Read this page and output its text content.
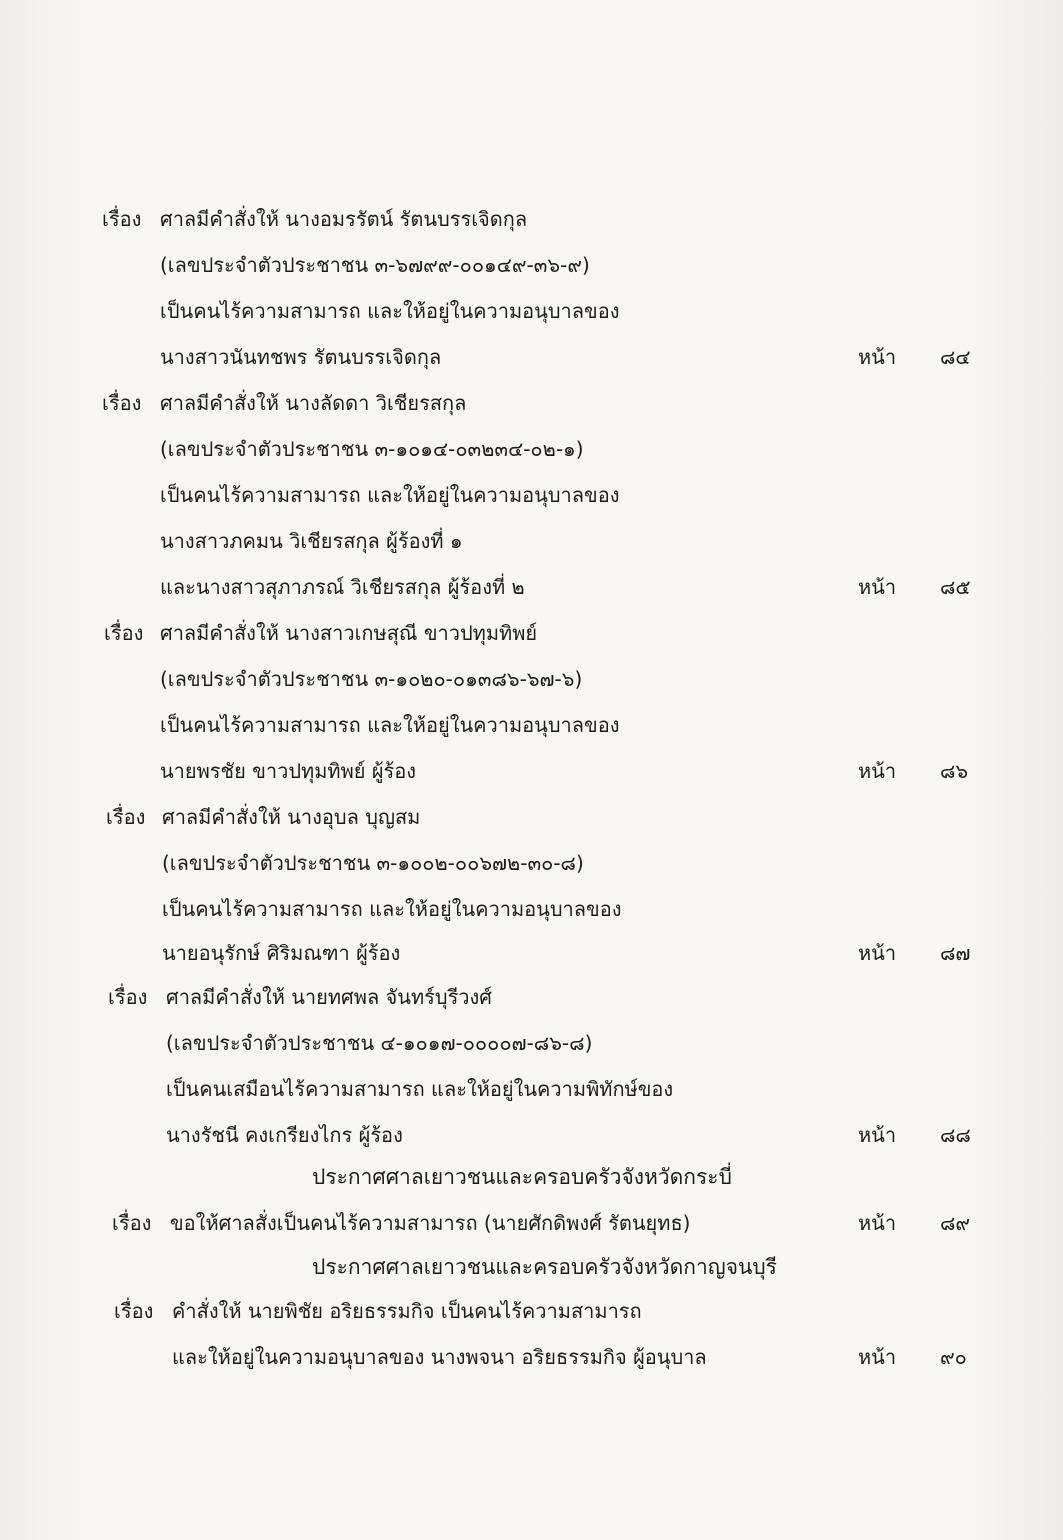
เรื่อง ศาลมีคำสั่งให้ นางอมรรัตน์ รัตนบรรเจิดกุล
(เลขประจำตัวประชาชน ๓-๖๗๙๙-๐๐๑๔๙-๓๖-๙)
เป็นคนไร้ความสามารถ และให้อยู่ในความอนุบาลของ
นางสาวนันทชพร รัตนบรรเจิดกุล	หน้า ๘๔
เรื่อง ศาลมีคำสั่งให้ นางลัดดา วิเชียรสกุล
(เลขประจำตัวประชาชน ๓-๑๐๑๔-๐๓๒๓๔-๐๒-๑)
เป็นคนไร้ความสามารถ และให้อยู่ในความอนุบาลของ
นางสาวภคมน วิเชียรสกุล ผู้ร้องที่ ๑
และนางสาวสุภาภรณ์ วิเชียรสกุล ผู้ร้องที่ ๒	หน้า ๘๕
เรื่อง ศาลมีคำสั่งให้ นางสาวเกษสุณี ขาวปทุมทิพย์
(เลขประจำตัวประชาชน ๓-๑๐๒๐-๐๑๓๘๖-๖๗-๖)
เป็นคนไร้ความสามารถ และให้อยู่ในความอนุบาลของ
นายพรชัย ขาวปทุมทิพย์ ผู้ร้อง	หน้า ๘๖
เรื่อง ศาลมีคำสั่งให้ นางอุบล บุญสม
(เลขประจำตัวประชาชน ๓-๑๐๐๒-๐๐๖๗๒-๓๐-๘)
เป็นคนไร้ความสามารถ และให้อยู่ในความอนุบาลของ
นายอนุรักษ์ ศิริมณฑา ผู้ร้อง	หน้า ๘๗
เรื่อง ศาลมีคำสั่งให้ นายทศพล จันทร์บุรีวงศ์
(เลขประจำตัวประชาชน ๔-๑๐๑๗-๐๐๐๐๗-๘๖-๘)
เป็นคนเสมือนไร้ความสามารถ และให้อยู่ในความพิทักษ์ของ
นางรัชนี คงเกรียงไกร ผู้ร้อง	หน้า ๘๘
ประกาศศาลเยาวชนและครอบครัวจังหวัดกระบี่
เรื่อง ขอให้ศาลสั่งเป็นคนไร้ความสามารถ (นายศักดิพงศ์ รัตนยุทธ)	หน้า ๘๙
ประกาศศาลเยาวชนและครอบครัวจังหวัดกาญจนบุรี
เรื่อง คำสั่งให้ นายพิชัย อริยธรรมกิจ เป็นคนไร้ความสามารถ
และให้อยู่ในความอนุบาลของ นางพจนา อริยธรรมกิจ ผู้อนุบาล	หน้า ๙๐
